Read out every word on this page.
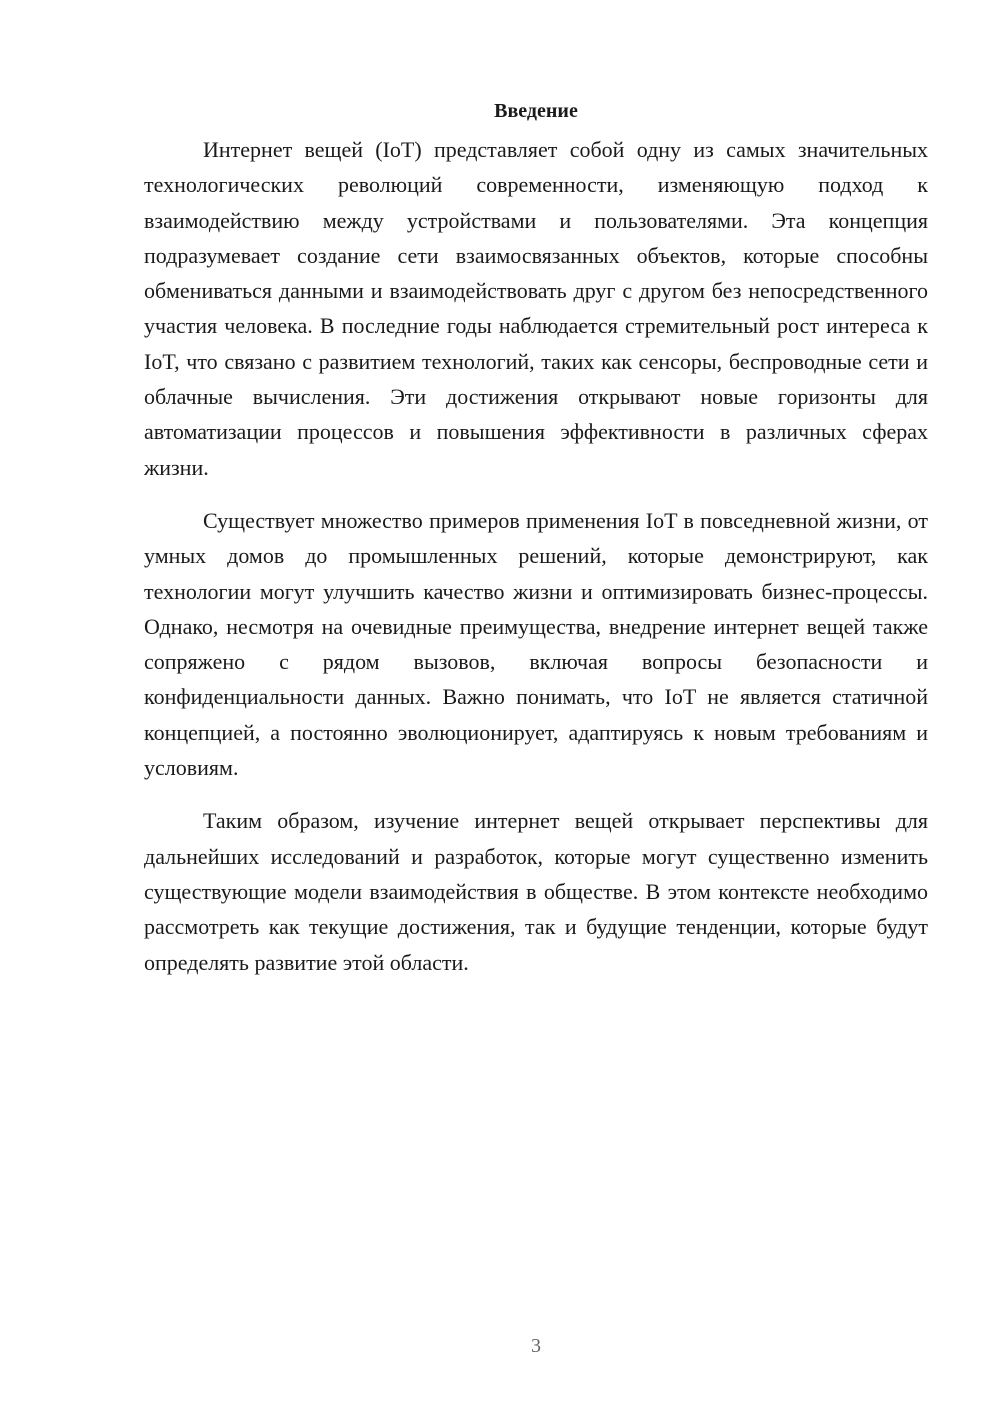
Введение

Интернет вещей (IoT) представляет собой одну из самых значительных технологических революций современности, изменяющую подход к взаимодействию между устройствами и пользователями. Эта концепция подразумевает создание сети взаимосвязанных объектов, которые способны обмениваться данными и взаимодействовать друг с другом без непосредственного участия человека. В последние годы наблюдается стремительный рост интереса к IoT, что связано с развитием технологий, таких как сенсоры, беспроводные сети и облачные вычисления. Эти достижения открывают новые горизонты для автоматизации процессов и повышения эффективности в различных сферах жизни.

Существует множество примеров применения IoT в повседневной жизни, от умных домов до промышленных решений, которые демонстрируют, как технологии могут улучшить качество жизни и оптимизировать бизнес-процессы. Однако, несмотря на очевидные преимущества, внедрение интернет вещей также сопряжено с рядом вызовов, включая вопросы безопасности и конфиденциальности данных. Важно понимать, что IoT не является статичной концепцией, а постоянно эволюционирует, адаптируясь к новым требованиям и условиям.

Таким образом, изучение интернет вещей открывает перспективы для дальнейших исследований и разработок, которые могут существенно изменить существующие модели взаимодействия в обществе. В этом контексте необходимо рассмотреть как текущие достижения, так и будущие тенденции, которые будут определять развитие этой области.

3
